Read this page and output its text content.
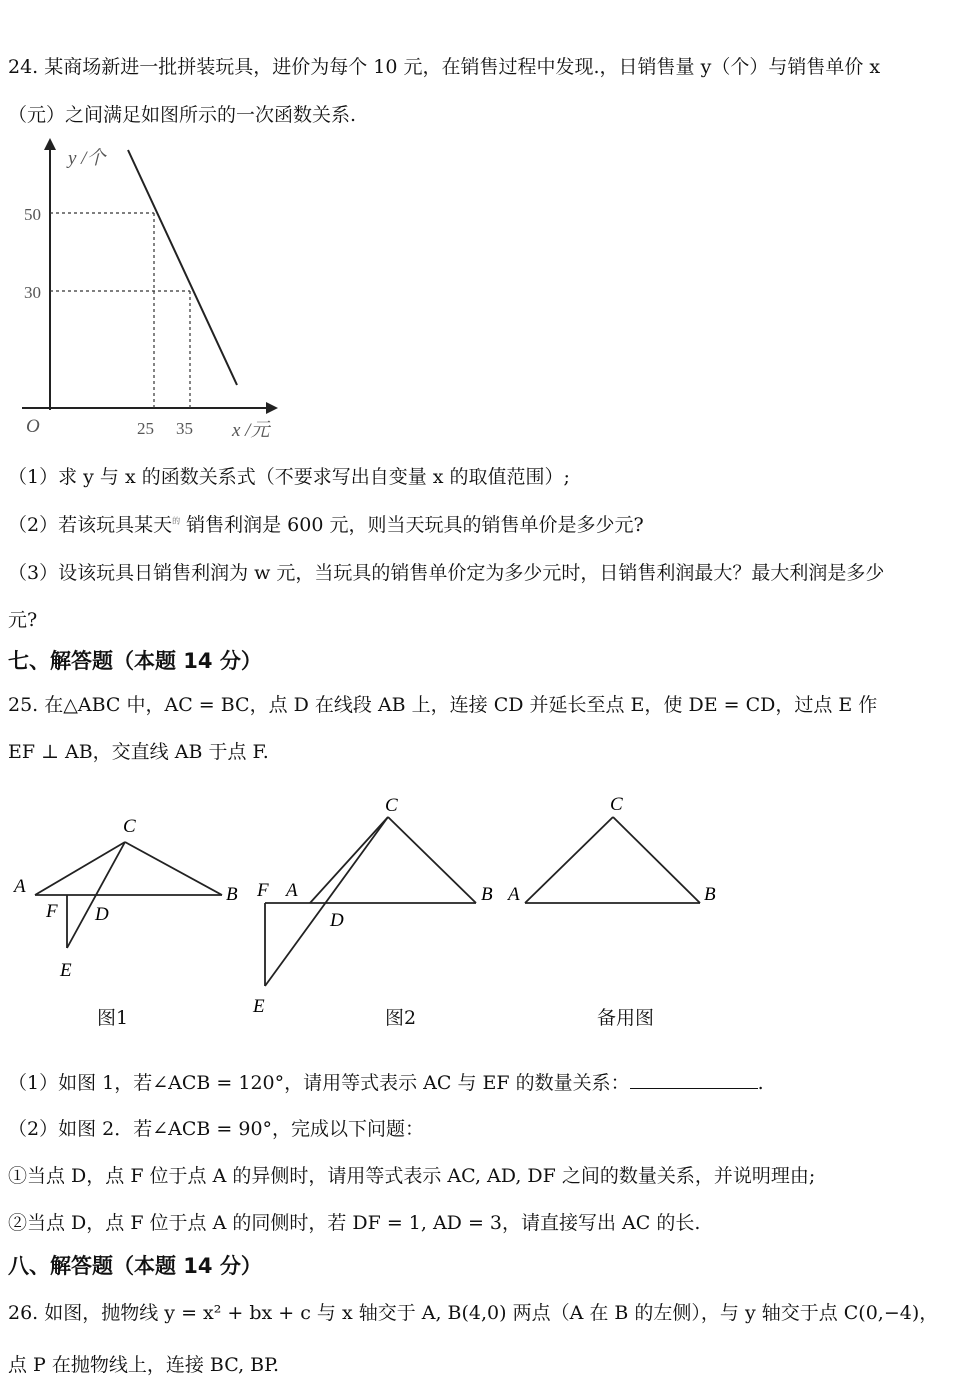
24. 某商场新进一批拼装玩具，进价为每个 10 元，在销售过程中发现.，日销售量 y（个）与销售单价 x
（元）之间满足如图所示的一次函数关系.
y /个
50
30
O	25 35 x /元
（1）求 y 与 x 的函数关系式（不要求写出自变量 x 的取值范围）;
（2）若该玩具某天$^的$ 销售利润是 600 元，则当天玩具的销售单价是多少元?
（3）设该玩具日销售利润为 w 元，当玩具的销售单价定为多少元时，日销售利润最大？最大利润是多少
元?
七、解答题（本题 14 分）
25. 在△ABC 中，AC = BC，点 D 在线段 AB 上，连接 CD 并延长至点 E，使 DE = CD，过点 E 作
EF ⊥ AB，交直线 AB 于点 F.
A	B
C
D
E
F
图1
F A	B
C
D
E
图2
A	B
C
备用图
（1）如图 1，若∠ACB = 120°，请用等式表示 AC 与 EF 的数量关系：	.
（2）如图 2．若∠ACB = 90°，完成以下问题：
①当点 D，点 F 位于点 A 的异侧时，请用等式表示 AC, AD, DF 之间的数量关系，并说明理由;
②当点 D，点 F 位于点 A 的同侧时，若 DF = 1, AD = 3，请直接写出 AC 的长.
八、解答题（本题 14 分）
26. 如图，抛物线 y = x² + bx + c 与 x 轴交于 A, B(4,0) 两点（A 在 B 的左侧），与 y 轴交于点 C(0,−4)，
点 P 在抛物线上，连接 BC, BP.
